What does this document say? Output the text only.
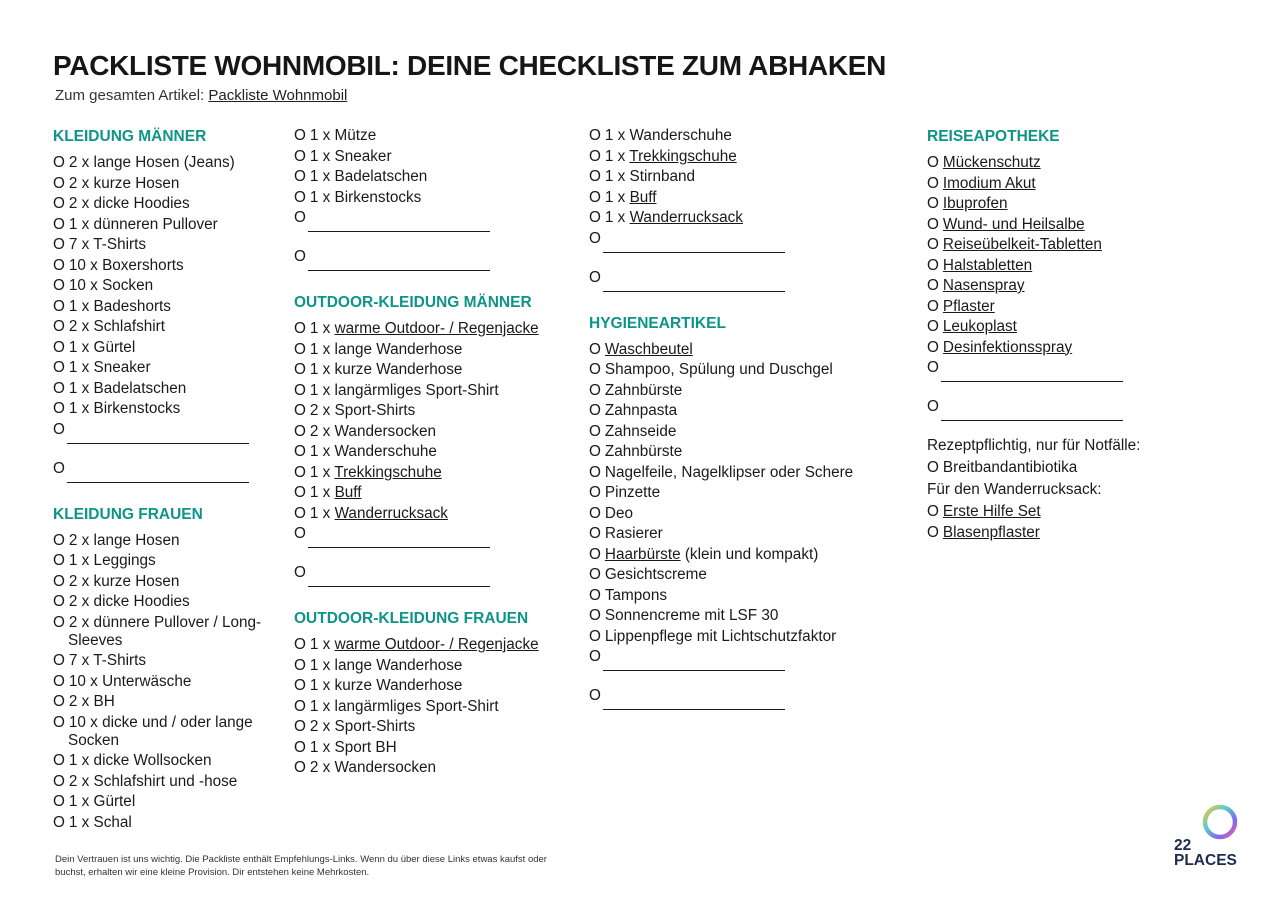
PACKLISTE WOHNMOBIL: DEINE CHECKLISTE ZUM ABHAKEN
Zum gesamten Artikel: Packliste Wohnmobil
KLEIDUNG MÄNNER
O 2 x lange Hosen (Jeans)
O 2 x kurze Hosen
O 2 x dicke Hoodies
O 1 x dünneren Pullover
O 7 x T-Shirts
O 10 x Boxershorts
O 10 x Socken
O 1 x Badeshorts
O 2 x Schlafshirt
O 1 x Gürtel
O 1 x Sneaker
O 1 x Badelatschen
O 1 x Birkenstocks
O
O
KLEIDUNG FRAUEN
O 2 x lange Hosen
O 1 x Leggings
O 2 x kurze Hosen
O 2 x dicke Hoodies
O 2 x dünnere Pullover / Long-Sleeves
O 7 x T-Shirts
O 10 x Unterwäsche
O 2 x BH
O 10 x dicke und / oder lange Socken
O 1 x dicke Wollsocken
O 2 x Schlafshirt und -hose
O 1 x Gürtel
O 1 x Schal
O 1 x Mütze
O 1 x Sneaker
O 1 x Badelatschen
O 1 x Birkenstocks
O
O
OUTDOOR-KLEIDUNG MÄNNER
O 1 x warme Outdoor- / Regenjacke
O 1 x lange Wanderhose
O 1 x kurze Wanderhose
O 1 x langärmliges Sport-Shirt
O 2 x Sport-Shirts
O 2 x Wandersocken
O 1 x Wanderschuhe
O 1 x Trekkingschuhe
O 1 x Buff
O 1 x Wanderrucksack
O
O
OUTDOOR-KLEIDUNG FRAUEN
O 1 x warme Outdoor- / Regenjacke
O 1 x lange Wanderhose
O 1 x kurze Wanderhose
O 1 x langärmliges Sport-Shirt
O 2 x Sport-Shirts
O 1 x Sport BH
O 2 x Wandersocken
O 1 x Wanderschuhe
O 1 x Trekkingschuhe
O 1 x Stirnband
O 1 x Buff
O 1 x Wanderrucksack
O
O
HYGIENEARTIKEL
O Waschbeutel
O Shampoo, Spülung und Duschgel
O Zahnbürste
O Zahnpasta
O Zahnseide
O Zahnbürste
O Nagelfeile, Nagelklipser oder Schere
O Pinzette
O Deo
O Rasierer
O Haarbürste (klein und kompakt)
O Gesichtscreme
O Tampons
O Sonnencreme mit LSF 30
O Lippenpflege mit Lichtschutzfaktor
O
O
REISEAPOTHEKE
O Mückenschutz
O Imodium Akut
O Ibuprofen
O Wund- und Heilsalbe
O Reiseübelkeit-Tabletten
O Halstabletten
O Nasenspray
O Pflaster
O Leukoplast
O Desinfektionsspray
O
O
Rezeptpflichtig, nur für Notfälle:
O Breitbandantibiotika
Für den Wanderrucksack:
O Erste Hilfe Set
O Blasenpflaster
Dein Vertrauen ist uns wichtig. Die Packliste enthält Empfehlungs-Links. Wenn du über diese Links etwas kaufst oder buchst, erhalten wir eine kleine Provision. Dir entstehen keine Mehrkosten.
22
PLACES
